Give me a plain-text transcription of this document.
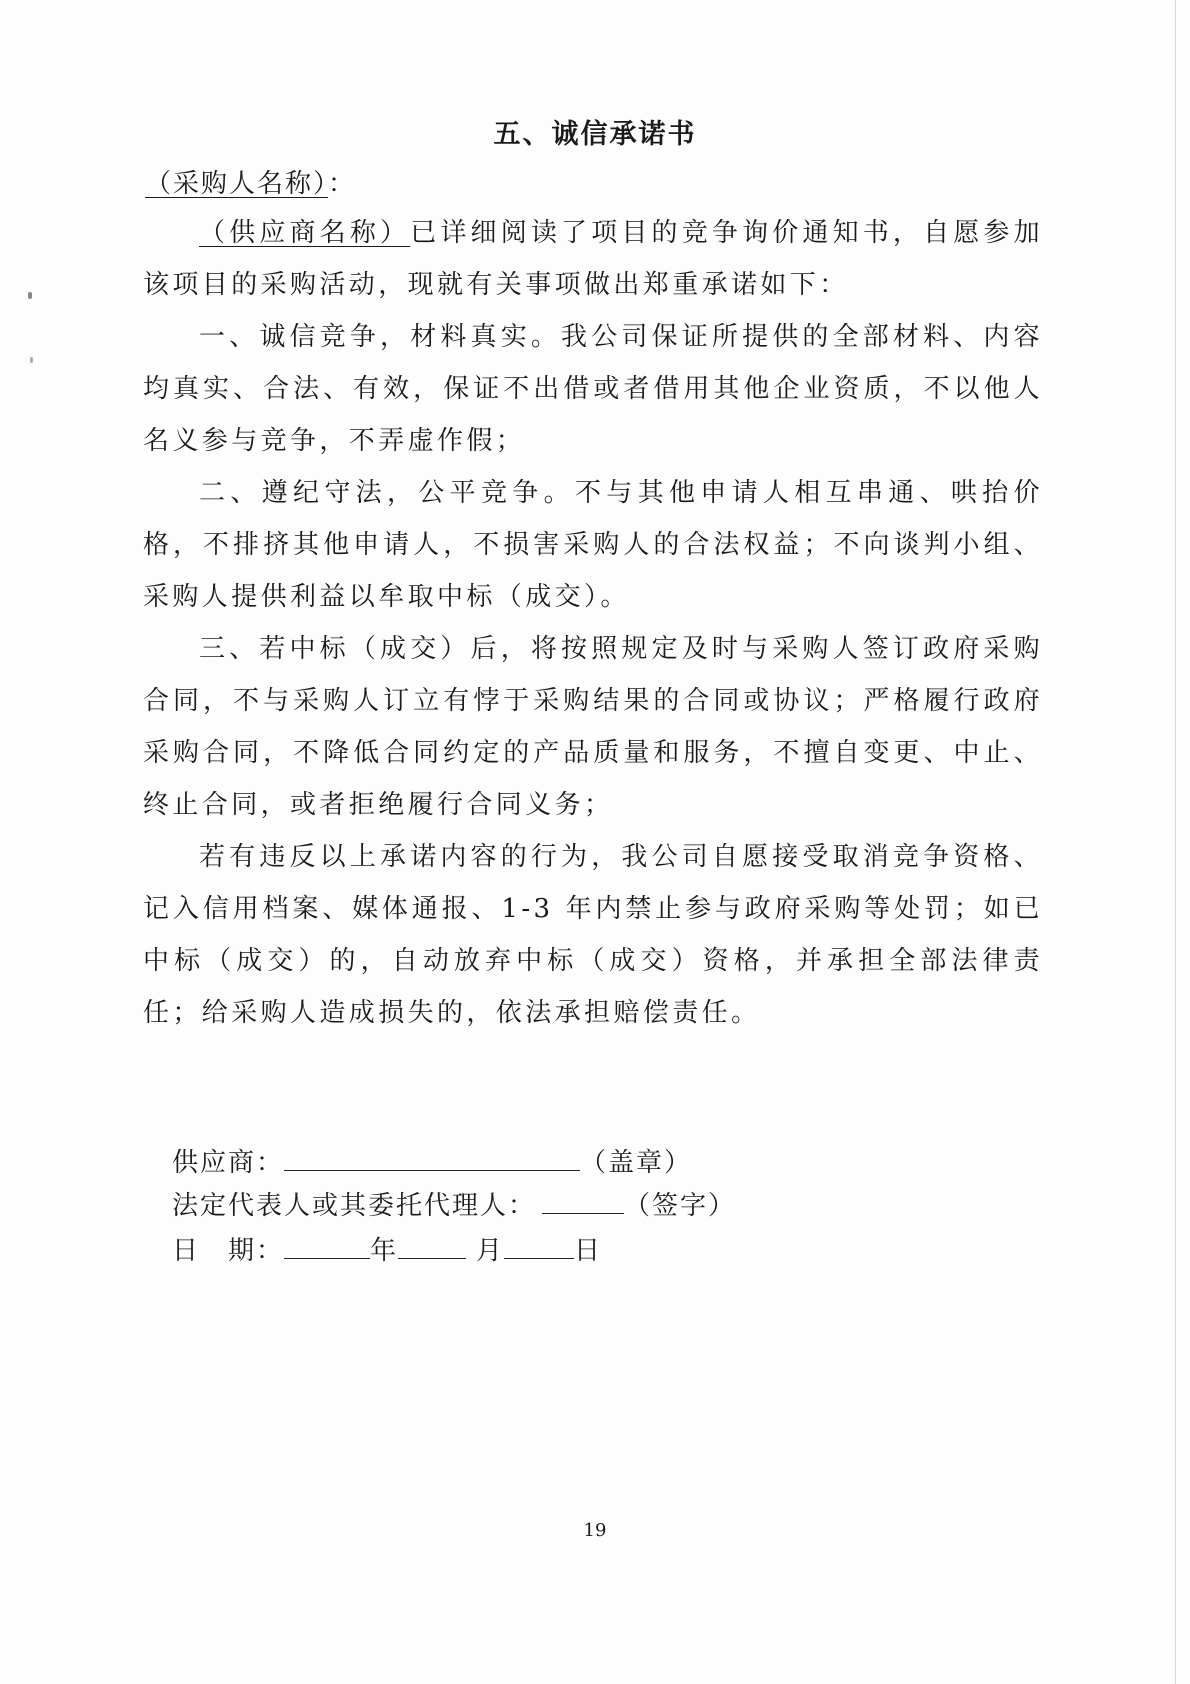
五、诚信承诺书
（采购人名称）：

（供应商名称）已详细阅读了项目的竞争询价通知书，自愿参加该项目的采购活动，现就有关事项做出郑重承诺如下：

一、诚信竞争，材料真实。我公司保证所提供的全部材料、内容均真实、合法、有效，保证不出借或者借用其他企业资质，不以他人名义参与竞争，不弄虚作假；

二、遵纪守法，公平竞争。不与其他申请人相互串通、哄抬价格，不排挤其他申请人，不损害采购人的合法权益；不向谈判小组、采购人提供利益以牟取中标（成交）。

三、若中标（成交）后，将按照规定及时与采购人签订政府采购合同，不与采购人订立有悖于采购结果的合同或协议；严格履行政府采购合同，不降低合同约定的产品质量和服务，不擅自变更、中止、终止合同，或者拒绝履行合同义务；

若有违反以上承诺内容的行为，我公司自愿接受取消竞争资格、记入信用档案、媒体通报、1-3 年内禁止参与政府采购等处罚；如已中标（成交）的，自动放弃中标（成交）资格，并承担全部法律责任；给采购人造成损失的，依法承担赔偿责任。

供应商：	（盖章）
法定代表人或其委托代理人：	（签字）
日　期：	年	月	日
19
